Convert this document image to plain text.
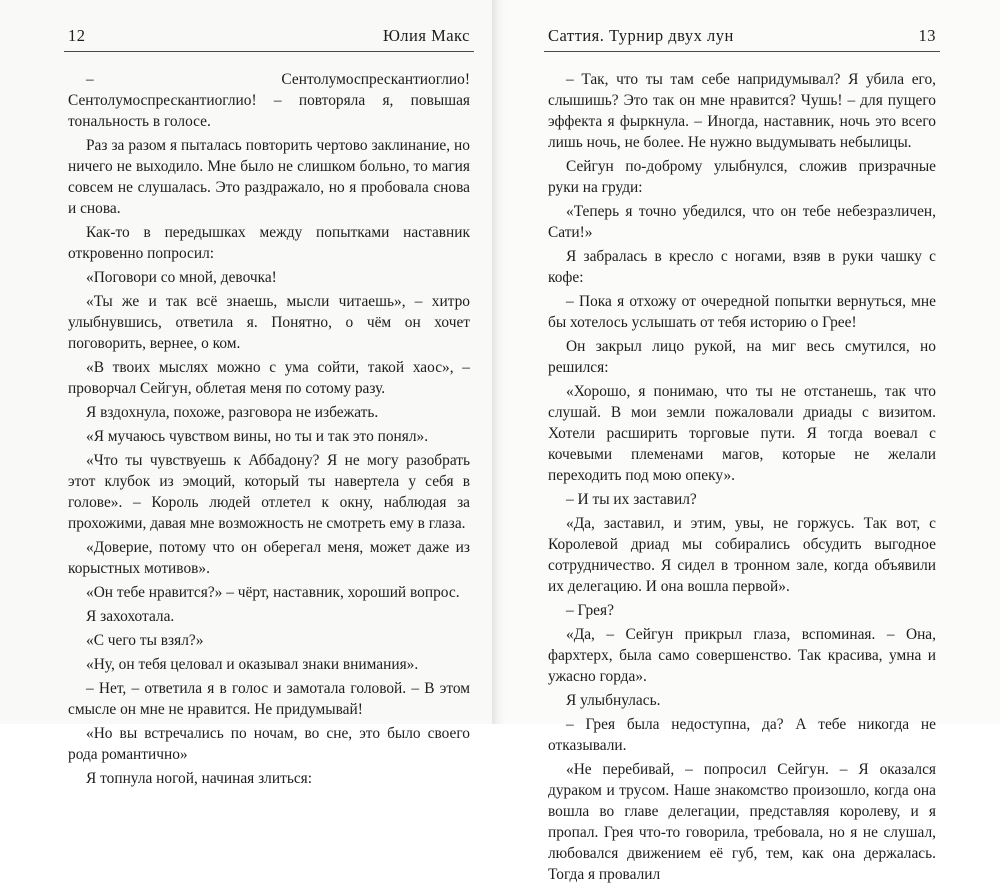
12	Юлия Макс

– Сентолумоспрескантиоглио! Сентолумоспрескантиоглио! – повторяла я, повышая тональность в голосе.

Раз за разом я пыталась повторить чертово заклинание, но ничего не выходило. Мне было не слишком больно, то магия совсем не слушалась. Это раздражало, но я пробовала снова и снова.

Как-то в передышках между попытками наставник откровенно попросил:

«Поговори со мной, девочка!

«Ты же и так всё знаешь, мысли читаешь», – хитро улыбнувшись, ответила я. Понятно, о чём он хочет поговорить, вернее, о ком.

«В твоих мыслях можно с ума сойти, такой хаос», – проворчал Сейгун, облетая меня по сотому разу.

Я вздохнула, похоже, разговора не избежать.

«Я мучаюсь чувством вины, но ты и так это понял».

«Что ты чувствуешь к Аббадону? Я не могу разобрать этот клубок из эмоций, который ты навертела у себя в голове». – Король людей отлетел к окну, наблюдая за прохожими, давая мне возможность не смотреть ему в глаза.

«Доверие, потому что он оберегал меня, может даже из корыстных мотивов».

«Он тебе нравится?» – чёрт, наставник, хороший вопрос.

Я захохотала.

«С чего ты взял?»

«Ну, он тебя целовал и оказывал знаки внимания».

– Нет, – ответила я в голос и замотала головой. – В этом смысле он мне не нравится. Не придумывай!

«Но вы встречались по ночам, во сне, это было своего рода романтично»

Я топнула ногой, начиная злиться:

Саттия. Турнир двух лун	13

– Так, что ты там себе напридумывал? Я убила его, слышишь? Это так он мне нравится? Чушь! – для пущего эффекта я фыркнула. – Иногда, наставник, ночь это всего лишь ночь, не более. Не нужно выдумывать небылицы.

Сейгун по-доброму улыбнулся, сложив призрачные руки на груди:

«Теперь я точно убедился, что он тебе небезразличен, Сати!»

Я забралась в кресло с ногами, взяв в руки чашку с кофе:

– Пока я отхожу от очередной попытки вернуться, мне бы хотелось услышать от тебя историю о Грее!

Он закрыл лицо рукой, на миг весь смутился, но решился:

«Хорошо, я понимаю, что ты не отстанешь, так что слушай. В мои земли пожаловали дриады с визитом. Хотели расширить торговые пути. Я тогда воевал с кочевыми племенами магов, которые не желали переходить под мою опеку».

– И ты их заставил?

«Да, заставил, и этим, увы, не горжусь. Так вот, с Королевой дриад мы собирались обсудить выгодное сотрудничество. Я сидел в тронном зале, когда объявили их делегацию. И она вошла первой».

– Грея?

«Да, – Сейгун прикрыл глаза, вспоминая. – Она, фархтерх, была само совершенство. Так красива, умна и ужасно горда».

Я улыбнулась.

– Грея была недоступна, да? А тебе никогда не отказывали.

«Не перебивай, – попросил Сейгун. – Я оказался дураком и трусом. Наше знакомство произошло, когда она вошла во главе делегации, представляя королеву, и я пропал. Грея что-то говорила, требовала, но я не слушал, любовался движением её губ, тем, как она держалась. Тогда я провалил
